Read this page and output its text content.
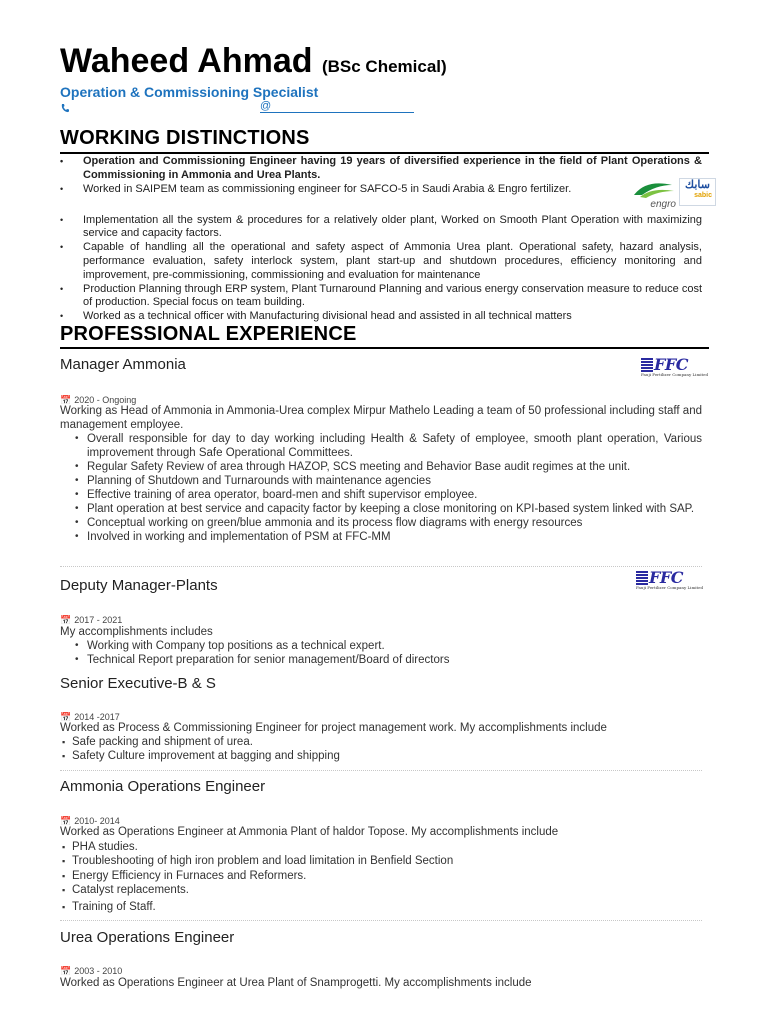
Waheed Ahmad (BSc Chemical)
Operation & Commissioning Specialist
@
WORKING DISTINCTIONS
• Operation and Commissioning Engineer having 19 years of diversified experience in the field of Plant Operations & Commissioning in Ammonia and Urea Plants.
• Worked in SAIPEM team as commissioning engineer for SAFCO-5 in Saudi Arabia & Engro fertilizer.
• Implementation all the system & procedures for a relatively older plant, Worked on Smooth Plant Operation with maximizing service and capacity factors.
• Capable of handling all the operational and safety aspect of Ammonia Urea plant. Operational safety, hazard analysis, performance evaluation, safety interlock system, plant start-up and shutdown procedures, efficiency monitoring and improvement, pre-commissioning, commissioning and evaluation for maintenance
• Production Planning through ERP system, Plant Turnaround Planning and various energy conservation measure to reduce cost of production. Special focus on team building.
• Worked as a technical officer with Manufacturing divisional head and assisted in all technical matters
engro
سابك
sabic
PROFESSIONAL EXPERIENCE
Manager Ammonia	FFC
Fauji Fertilizer Company Limited
📅 2020 - Ongoing
Working as Head of Ammonia in Ammonia-Urea complex Mirpur Mathelo Leading a team of 50 professional including staff and management employee.
• Overall responsible for day to day working including Health & Safety of employee, smooth plant operation, Various improvement through Safe Operational Committees.
• Regular Safety Review of area through HAZOP, SCS meeting and Behavior Base audit regimes at the unit.
• Planning of Shutdown and Turnarounds with maintenance agencies
• Effective training of area operator, board-men and shift supervisor employee.
• Plant operation at best service and capacity factor by keeping a close monitoring on KPI-based system linked with SAP.
• Conceptual working on green/blue ammonia and its process flow diagrams with energy resources
• Involved in working and implementation of PSM at FFC-MM
Deputy Manager-Plants	FFC
Fauji Fertilizer Company Limited
📅 2017 - 2021
My accomplishments includes
• Working with Company top positions as a technical expert.
• Technical Report preparation for senior management/Board of directors
Senior Executive-B & S
📅 2014 -2017
Worked as Process & Commissioning Engineer for project management work. My accomplishments include
▪ Safe packing and shipment of urea.
▪ Safety Culture improvement at bagging and shipping
Ammonia Operations Engineer
📅 2010- 2014
Worked as Operations Engineer at Ammonia Plant of haldor Topose. My accomplishments include
▪ PHA studies.
▪ Troubleshooting of high iron problem and load limitation in Benfield Section
▪ Energy Efficiency in Furnaces and Reformers.
▪ Catalyst replacements.
▪ Training of Staff.
Urea Operations Engineer
📅 2003 - 2010
Worked as Operations Engineer at Urea Plant of Snamprogetti. My accomplishments include
